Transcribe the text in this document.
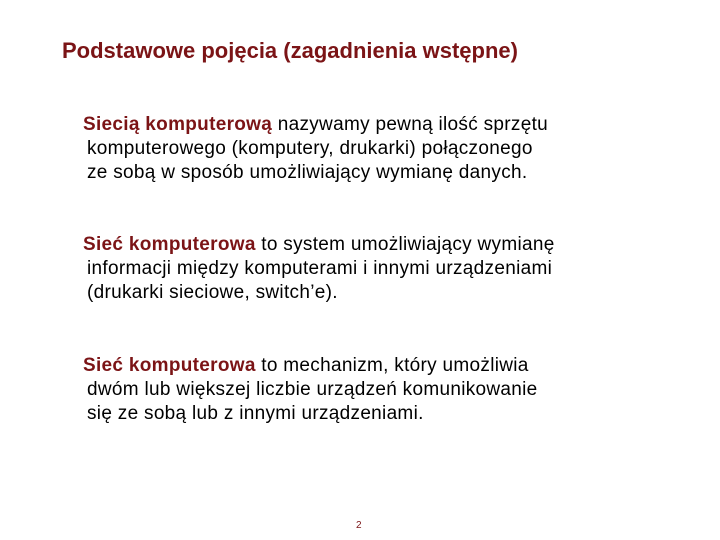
Podstawowe pojęcia (zagadnienia wstępne)

Siecią komputerową nazywamy pewną ilość sprzętu
komputerowego (komputery, drukarki) połączonego
ze sobą w sposób umożliwiający wymianę danych.

Sieć komputerowa to system umożliwiający wymianę
informacji między komputerami i innymi urządzeniami
(drukarki sieciowe, switch’e).

Sieć komputerowa to mechanizm, który umożliwia
dwóm lub większej liczbie urządzeń komunikowanie
się ze sobą lub z innymi urządzeniami.

2
